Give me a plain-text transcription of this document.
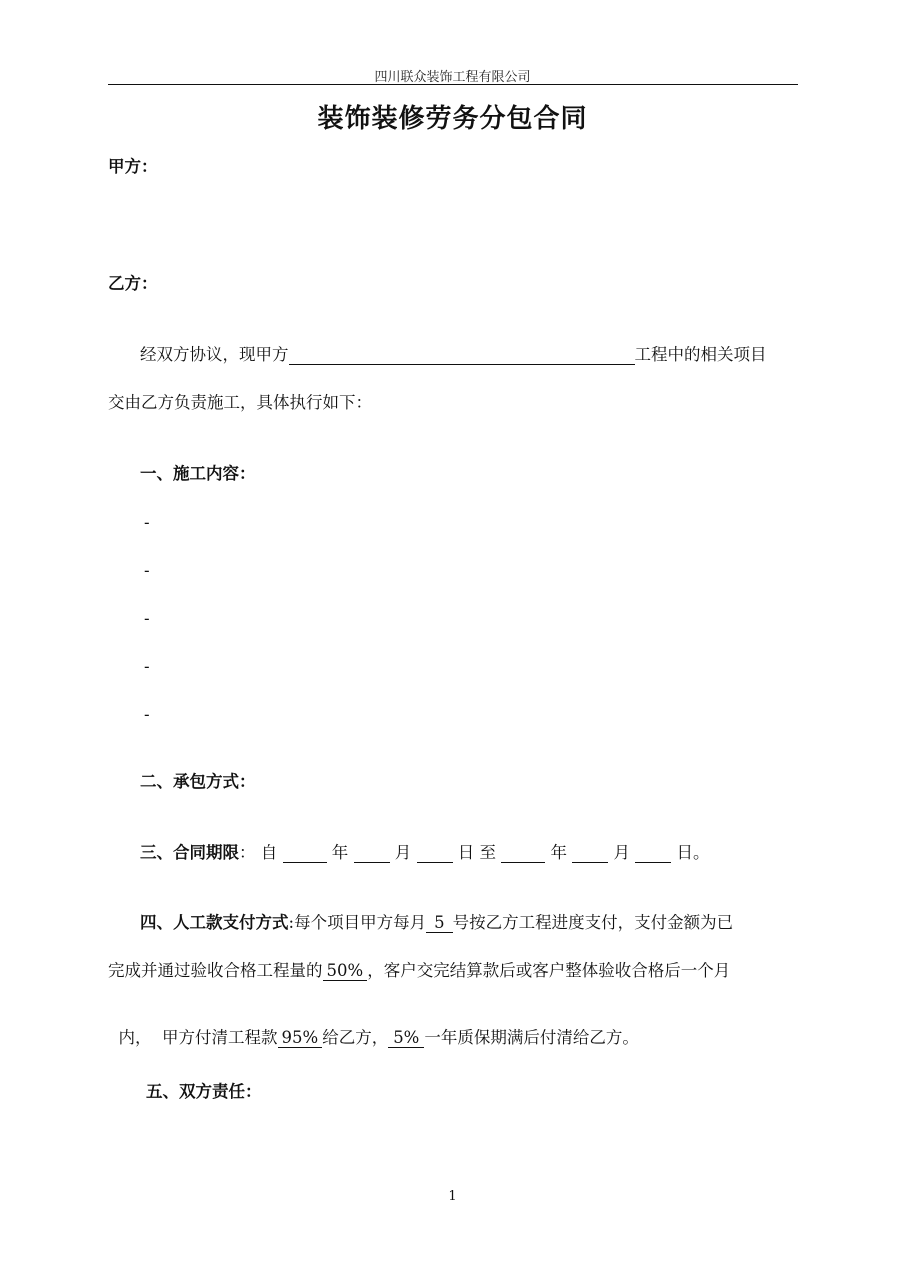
四川联众装饰工程有限公司
装饰装修劳务分包合同
甲方：
乙方：
经双方协议，现甲方	工程中的相关项目
交由乙方负责施工，具体执行如下：
一、施工内容：
-
-
-
-
-
二、承包方式：
三、合同期限： 自	年	月	日 至	年	月	日。
四、人工款支付方式:每个项目甲方每月 5 号按乙方工程进度支付，支付金额为已
完成并通过验收合格工程量的 50% ，客户交完结算款后或客户整体验收合格后一个月

内，  甲方付清工程款 95% 给乙方， 5% 一年质保期满后付清给乙方。

五、双方责任：
1
